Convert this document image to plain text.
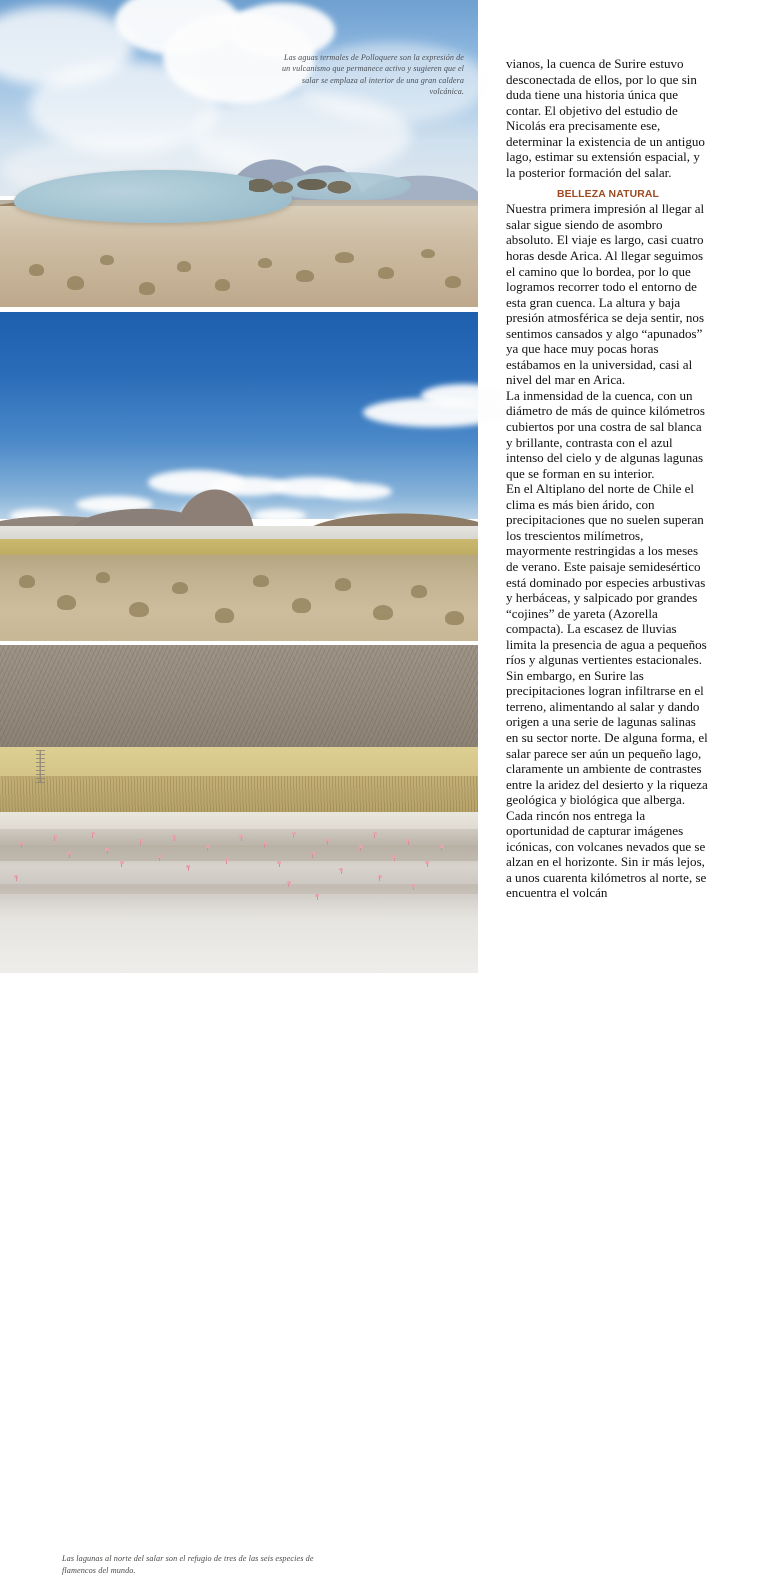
Las aguas termales de Polloquere son la expresión de un vulcanismo que permanece activo y sugieren que el salar se emplaza al interior de una gran caldera volcánica.
Las lagunas al norte del salar son el refugio de tres de las seis especies de flamencos del mundo.

vianos, la cuenca de Surire estuvo desconectada de ellos, por lo que sin duda tiene una historia única que contar. El objetivo del estudio de Nicolás era precisamente ese, determinar la existencia de un antiguo lago, estimar su extensión espacial, y la posterior formación del salar.

BELLEZA NATURAL

Nuestra primera impresión al llegar al salar sigue siendo de asombro absoluto. El viaje es largo, casi cuatro horas desde Arica. Al llegar seguimos el camino que lo bordea, por lo que logramos recorrer todo el entorno de esta gran cuenca. La altura y baja presión atmosférica se deja sentir, nos sentimos cansados y algo “apunados” ya que hace muy pocas horas estábamos en la universidad, casi al nivel del mar en Arica.

La inmensidad de la cuenca, con un diámetro de más de quince kilómetros cubiertos por una costra de sal blanca y brillante, contrasta con el azul intenso del cielo y de algunas lagunas que se forman en su interior.

En el Altiplano del norte de Chile el clima es más bien árido, con precipitaciones que no suelen superan los trescientos milímetros, mayormente restringidas a los meses de verano. Este paisaje semidesértico está dominado por especies arbustivas y herbáceas, y salpicado por grandes “cojines” de yareta (Azorella compacta). La escasez de lluvias limita la presencia de agua a pequeños ríos y algunas vertientes estacionales. Sin embargo, en Surire las precipitaciones logran infiltrarse en el terreno, alimentando al salar y dando origen a una serie de lagunas salinas en su sector norte. De alguna forma, el salar parece ser aún un pequeño lago, claramente un ambiente de contrastes entre la aridez del desierto y la riqueza geológica y biológica que alberga.

Cada rincón nos entrega la oportunidad de capturar imágenes icónicas, con volcanes nevados que se alzan en el horizonte. Sin ir más lejos, a unos cuarenta kilómetros al norte, se encuentra el volcán
